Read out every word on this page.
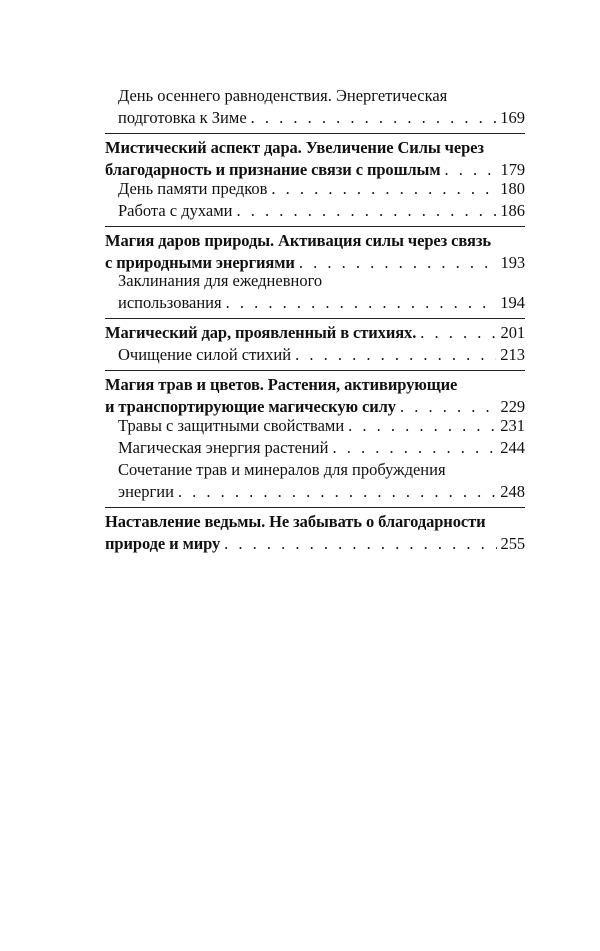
День осеннего равноденствия. Энергетическая
подготовка к Зиме . . .	169
Мистический аспект дара. Увеличение Силы через
благодарность и признание связи с прошлым . . .	179
День памяти предков . . .	180
Работа с духами . . .	186
Магия даров природы. Активация силы через связь
с природными энергиями . . .	193
Заклинания для ежедневного
использования . . .	194
Магический дар, проявленный в стихиях. . . .	201
Очищение силой стихий . . .	213
Магия трав и цветов. Растения, активирующие
и транспортирующие магическую силу . . .	229
Травы с защитными свойствами . . .	231
Магическая энергия растений . . .	244
Сочетание трав и минералов для пробуждения
энергии . . .	248
Наставление ведьмы. Не забывать о благодарности
природе и миру . . .	255
